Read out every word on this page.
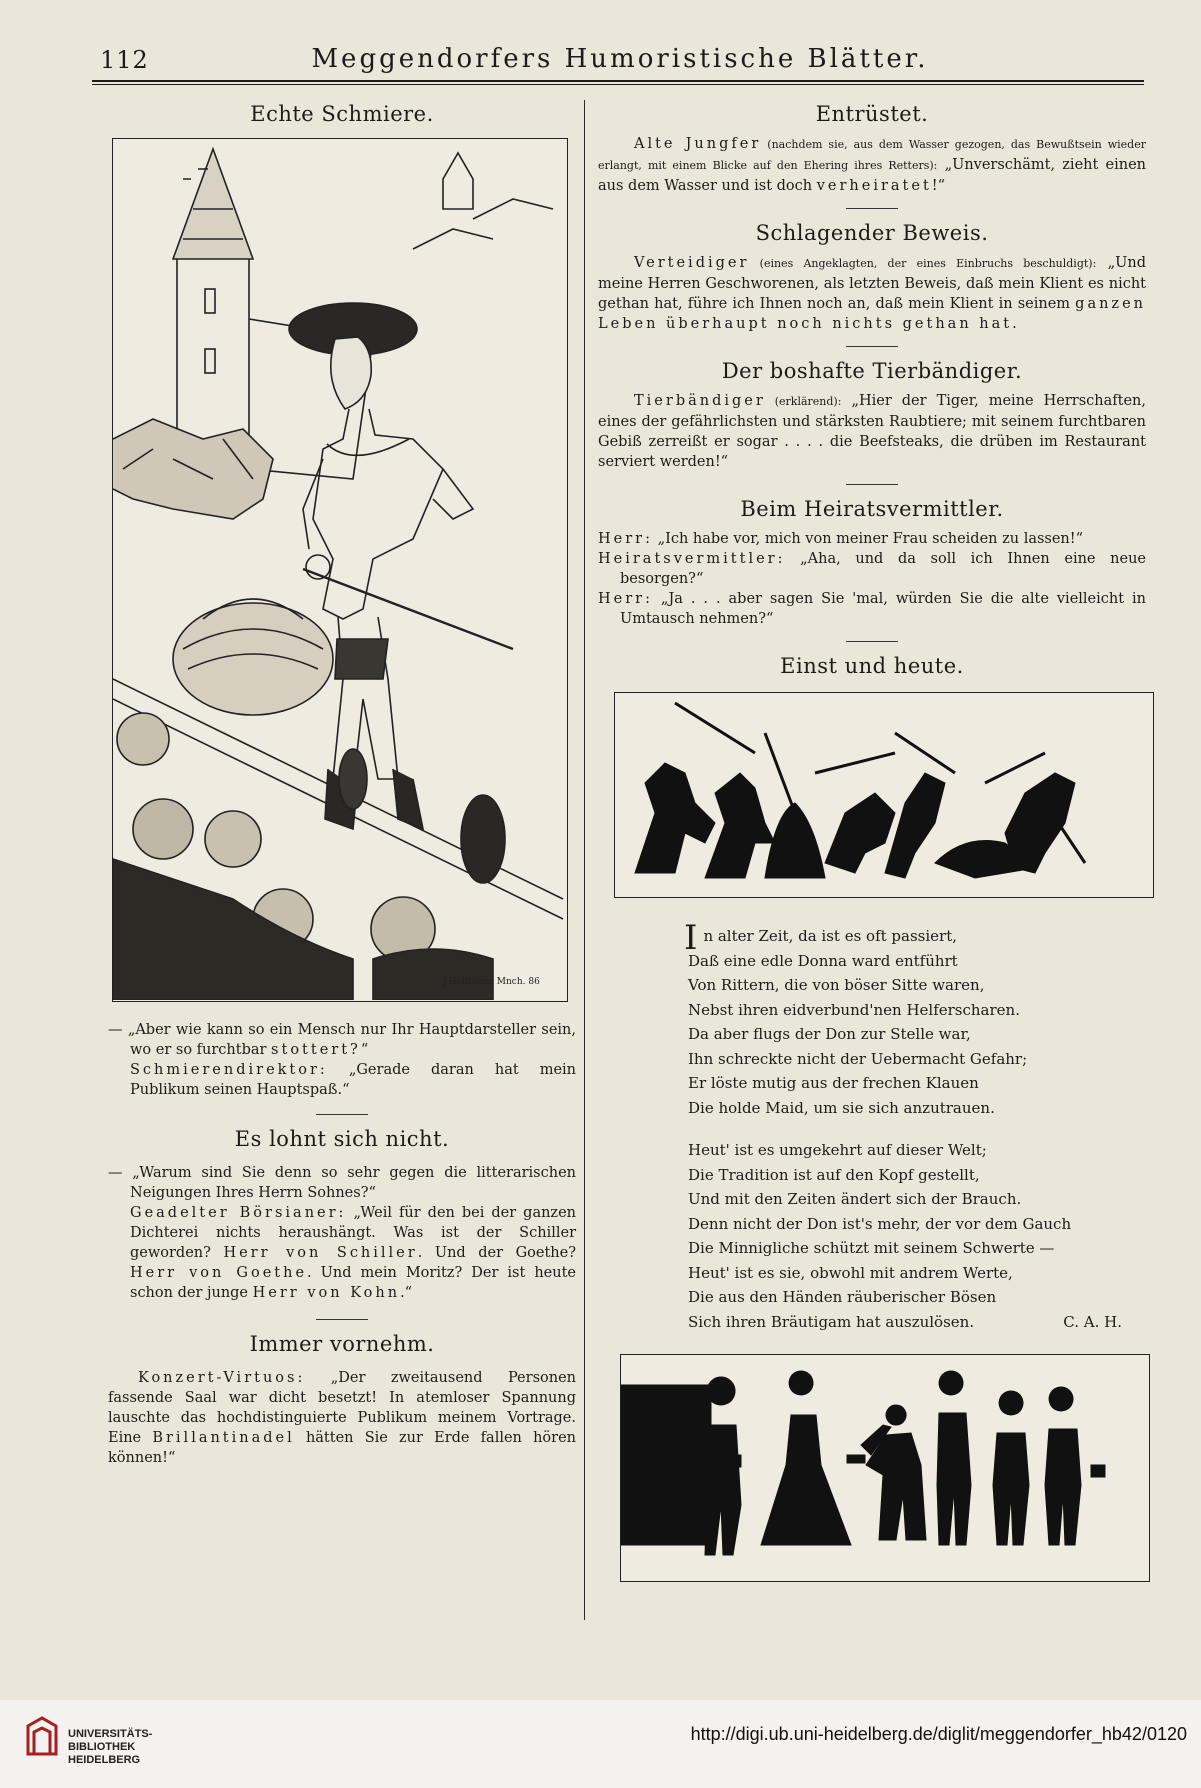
112	Meggendorfers Humoristische Blätter.
Echte Schmiere.
J.Hoffmann Mnch. 86

— „Aber wie kann so ein Mensch nur Ihr Hauptdarsteller sein, wo er so furchtbar stottert?“
Schmierendirektor: „Gerade daran hat mein Publikum seinen Hauptspaß.“

Es lohnt sich nicht.

— „Warum sind Sie denn so sehr gegen die litterarischen Neigungen Ihres Herrn Sohnes?“
Geadelter Börsianer: „Weil für den bei der ganzen Dichterei nichts heraushängt. Was ist der Schiller geworden? Herr von Schiller. Und der Goethe? Herr von Goethe. Und mein Moritz? Der ist heute schon der junge Herr von Kohn.“

Immer vornehm.

Konzert-Virtuos: „Der zweitausend Personen fassende Saal war dicht besetzt! In atemloser Spannung lauschte das hochdistinguierte Publikum meinem Vortrage. Eine Brillantinadel hätten Sie zur Erde fallen hören können!“

Entrüstet.

Alte Jungfer (nachdem sie, aus dem Wasser gezogen, das Bewußtsein wieder erlangt, mit einem Blicke auf den Ehering ihres Retters): „Unverschämt, zieht einen aus dem Wasser und ist doch verheiratet!“

Schlagender Beweis.

Verteidiger (eines Angeklagten, der eines Einbruchs beschuldigt): „Und meine Herren Geschworenen, als letzten Beweis, daß mein Klient es nicht gethan hat, führe ich Ihnen noch an, daß mein Klient in seinem ganzen Leben überhaupt noch nichts gethan hat.

Der boshafte Tierbändiger.

Tierbändiger (erklärend): „Hier der Tiger, meine Herrschaften, eines der gefährlichsten und stärksten Raubtiere; mit seinem furchtbaren Gebiß zerreißt er sogar . . . . die Beefsteaks, die drüben im Restaurant serviert werden!“

Beim Heiratsvermittler.

Herr: „Ich habe vor, mich von meiner Frau scheiden zu lassen!“

Heiratsvermittler: „Aha, und da soll ich Ihnen eine neue besorgen?“

Herr: „Ja . . . aber sagen Sie 'mal, würden Sie die alte vielleicht in Umtausch nehmen?“

Einst und heute.

I n alter Zeit, da ist es oft passiert,
Daß eine edle Donna ward entführt
Von Rittern, die von böser Sitte waren,
Nebst ihren eidverbund'nen Helferscharen.
Da aber flugs der Don zur Stelle war,
Ihn schreckte nicht der Uebermacht Gefahr;
Er löste mutig aus der frechen Klauen
Die holde Maid, um sie sich anzutrauen.

Heut' ist es umgekehrt auf dieser Welt;
Die Tradition ist auf den Kopf gestellt,
Und mit den Zeiten ändert sich der Brauch.
Denn nicht der Don ist's mehr, der vor dem Gauch
Die Minnigliche schützt mit seinem Schwerte —
Heut' ist es sie, obwohl mit andrem Werte,
Die aus den Händen räuberischer Bösen
Sich ihren Bräutigam hat auszulösen.	C. A. H.

UNIVERSITÄTS-
BIBLIOTHEK
HEIDELBERG
http://digi.ub.uni-heidelberg.de/diglit/meggendorfer_hb42/0120
